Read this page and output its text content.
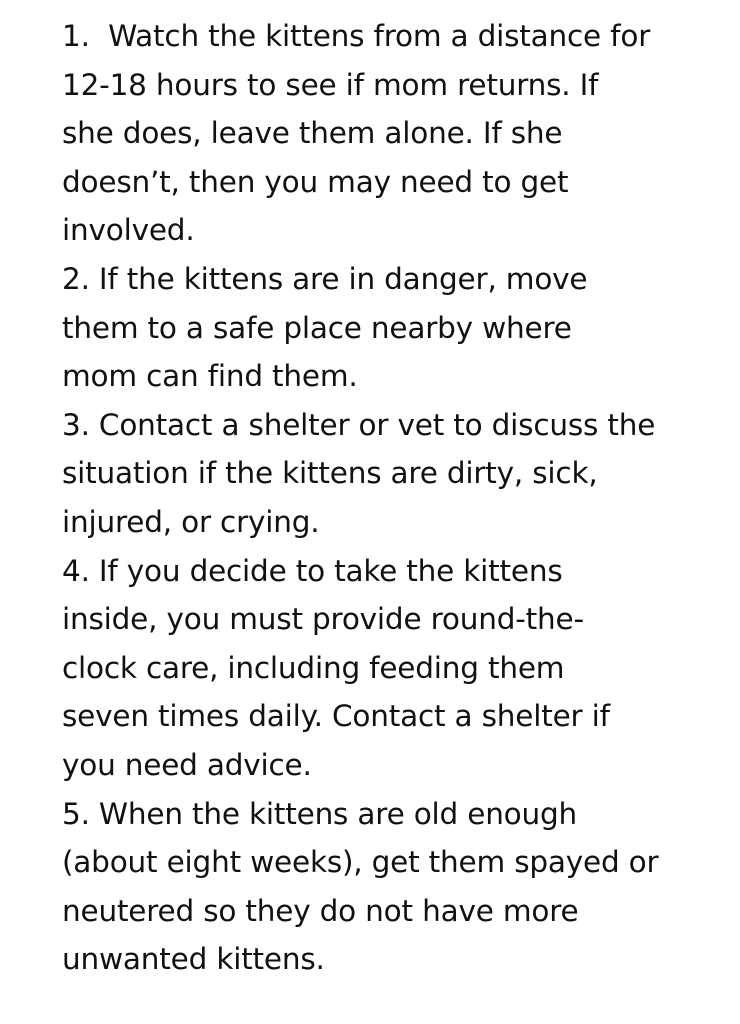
1.  Watch the kittens from a distance for
12-18 hours to see if mom returns. If
she does, leave them alone. If she
doesn’t, then you may need to get
involved.
2. If the kittens are in danger, move
them to a safe place nearby where
mom can find them.
3. Contact a shelter or vet to discuss the
situation if the kittens are dirty, sick,
injured, or crying.
4. If you decide to take the kittens
inside, you must provide round-the-
clock care, including feeding them
seven times daily. Contact a shelter if
you need advice.
5. When the kittens are old enough
(about eight weeks), get them spayed or
neutered so they do not have more
unwanted kittens.
